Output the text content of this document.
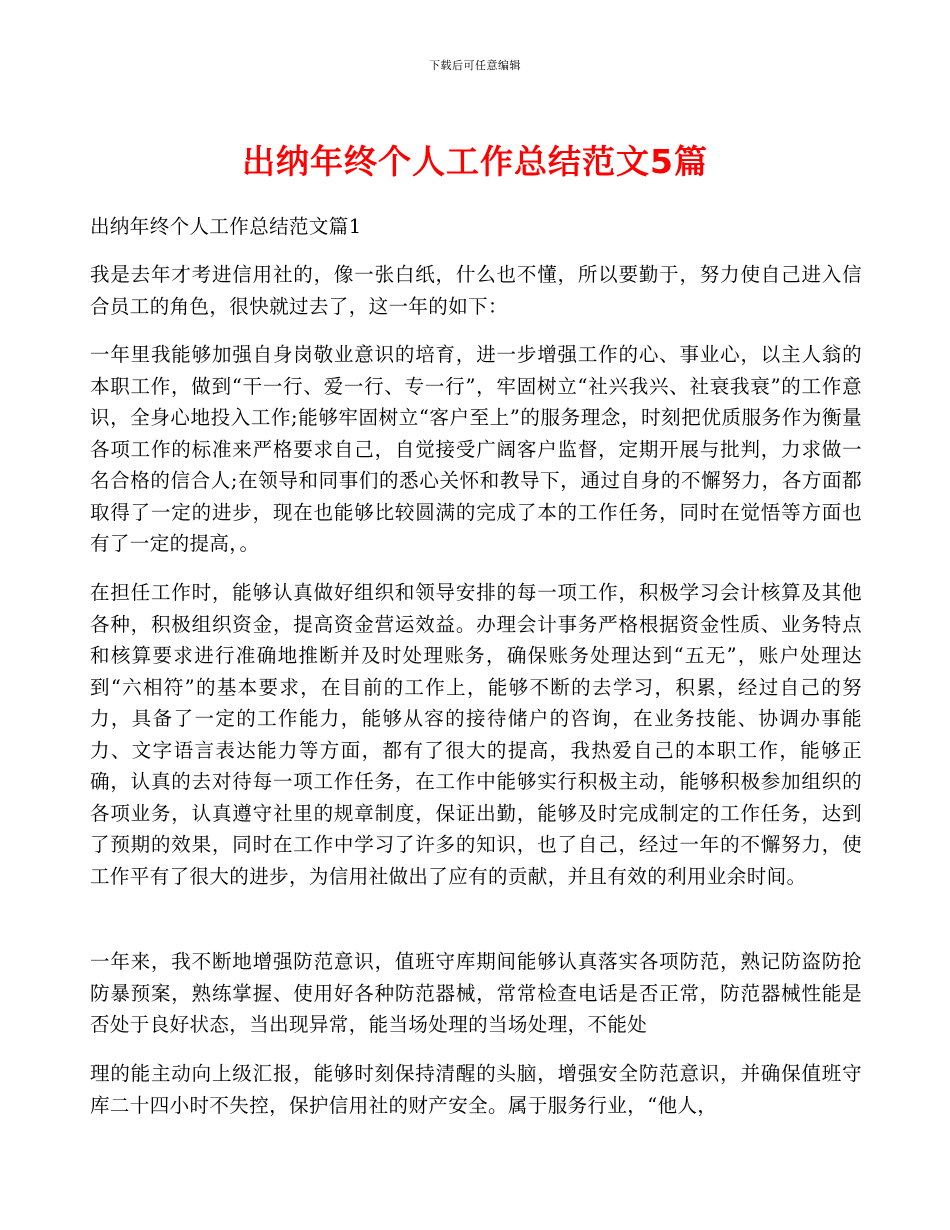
下载后可任意编辑
出纳年终个人工作总结范文5篇
出纳年终个人工作总结范文篇1

我是去年才考进信用社的，像一张白纸，什么也不懂，所以要勤于，努力使自己进入信合员工的角色，很快就过去了，这一年的如下：

一年里我能够加强自身岗敬业意识的培育，进一步增强工作的心、事业心，以主人翁的本职工作，做到“干一行、爱一行、专一行”，牢固树立“社兴我兴、社衰我衰”的工作意识，全身心地投入工作;能够牢固树立“客户至上”的服务理念，时刻把优质服务作为衡量各项工作的标准来严格要求自己，自觉接受广阔客户监督，定期开展与批判，力求做一名合格的信合人;在领导和同事们的悉心关怀和教导下，通过自身的不懈努力，各方面都取得了一定的进步，现在也能够比较圆满的完成了本的工作任务，同时在觉悟等方面也有了一定的提高，。

在担任工作时，能够认真做好组织和领导安排的每一项工作，积极学习会计核算及其他各种，积极组织资金，提高资金营运效益。办理会计事务严格根据资金性质、业务特点和核算要求进行准确地推断并及时处理账务，确保账务处理达到“五无”，账户处理达到“六相符”的基本要求，在目前的工作上，能够不断的去学习，积累，经过自己的努力，具备了一定的工作能力，能够从容的接待储户的咨询，在业务技能、协调办事能力、文字语言表达能力等方面，都有了很大的提高，我热爱自己的本职工作，能够正确，认真的去对待每一项工作任务，在工作中能够实行积极主动，能够积极参加组织的各项业务，认真遵守社里的规章制度，保证出勤，能够及时完成制定的工作任务，达到了预期的效果，同时在工作中学习了许多的知识，也了自己，经过一年的不懈努力，使工作平有了很大的进步，为信用社做出了应有的贡献，并且有效的利用业余时间。

一年来，我不断地增强防范意识，值班守库期间能够认真落实各项防范，熟记防盗防抢防暴预案，熟练掌握、使用好各种防范器械，常常检查电话是否正常，防范器械性能是否处于良好状态，当出现异常，能当场处理的当场处理，不能处

理的能主动向上级汇报，能够时刻保持清醒的头脑，增强安全防范意识，并确保值班守库二十四小时不失控，保护信用社的财产安全。属于服务行业，“他人，
